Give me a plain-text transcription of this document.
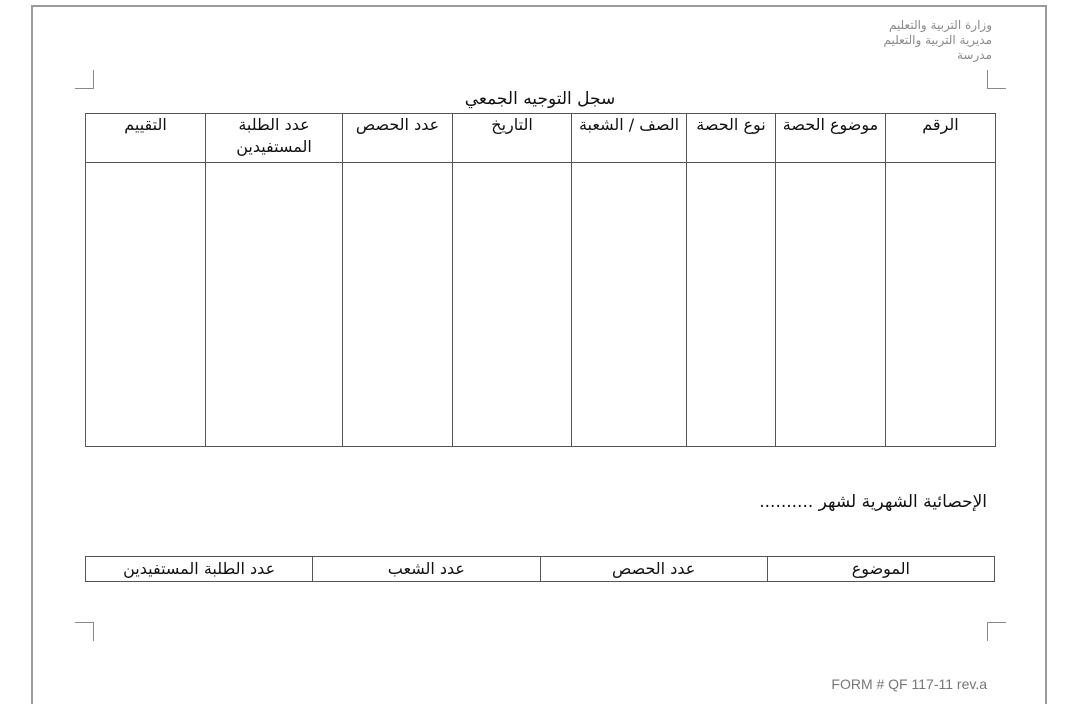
وزارة التربية والتعليم
مديرية التربية والتعليم
مدرسة
سجل التوجيه الجمعي
الرقم	موضوع الحصة	نوع الحصة	الصف / الشعبة	التاريخ	عدد الحصص	عدد الطلبة المستفيدين	التقييم

الإحصائية الشهرية لشهر ..........
الموضوع	عدد الحصص	عدد الشعب	عدد الطلبة المستفيدين
FORM # QF 117-11 rev.a
